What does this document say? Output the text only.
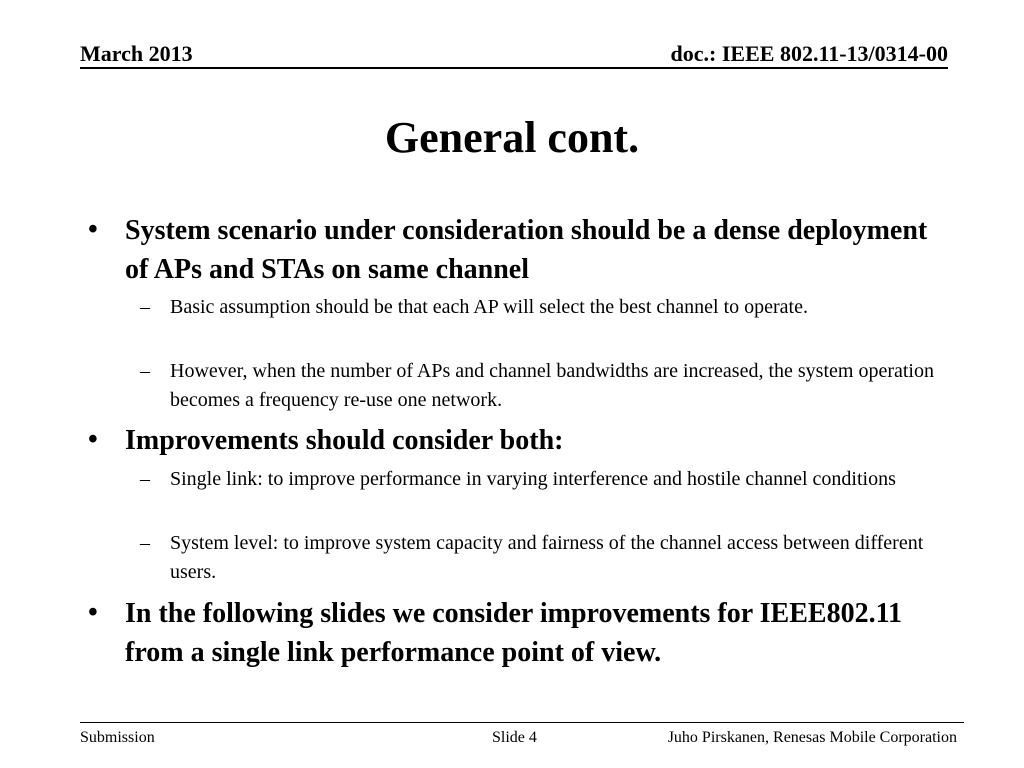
March 2013	doc.: IEEE 802.11-13/0314-00
General cont.
• System scenario under consideration should be a dense deployment of APs and STAs on same channel
– Basic assumption should be that each AP will select the best channel to operate.
– However, when the number of APs and channel bandwidths are increased, the system operation becomes a frequency re-use one network.
• Improvements should consider both:
– Single link: to improve performance in varying interference and hostile channel conditions
– System level: to improve system capacity and fairness of the channel access between different users.
• In the following slides we consider improvements for IEEE802.11 from a single link performance point of view.
Submission	Slide 4	Juho Pirskanen, Renesas Mobile Corporation
